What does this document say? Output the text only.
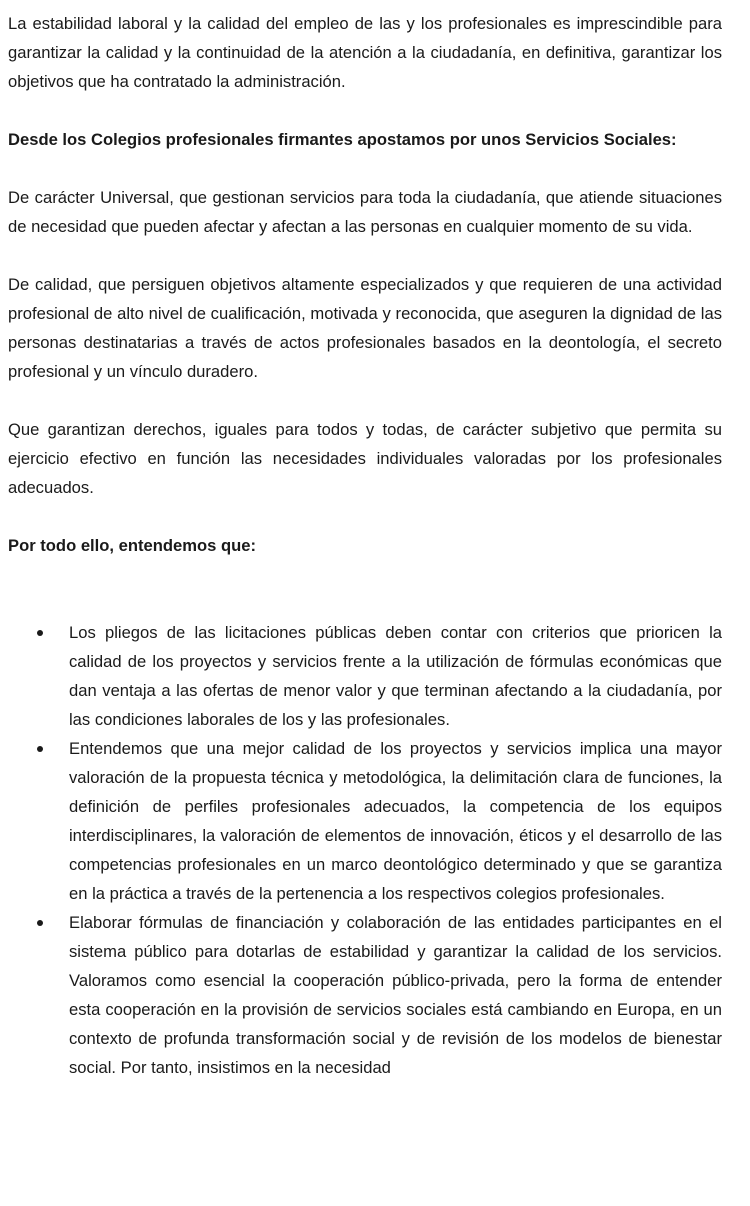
La estabilidad laboral y la calidad del empleo de las y los profesionales es imprescindible para garantizar la calidad y la continuidad de la atención a la ciudadanía, en definitiva, garantizar los objetivos que ha contratado la administración.

Desde los Colegios profesionales firmantes apostamos por unos Servicios Sociales:

De carácter Universal, que gestionan servicios para toda la ciudadanía, que atiende situaciones de necesidad que pueden afectar y afectan a las personas en cualquier momento de su vida.

De calidad, que persiguen objetivos altamente especializados y que requieren de una actividad profesional de alto nivel de cualificación, motivada y reconocida, que aseguren la dignidad de las personas destinatarias a través de actos profesionales basados en la deontología, el secreto profesional y un vínculo duradero.

Que garantizan derechos, iguales para todos y todas, de carácter subjetivo que permita su ejercicio efectivo en función las necesidades individuales valoradas por los profesionales adecuados.

Por todo ello, entendemos que:

Los pliegos de las licitaciones públicas deben contar con criterios que prioricen la calidad de los proyectos y servicios frente a la utilización de fórmulas económicas que dan ventaja a las ofertas de menor valor y que terminan afectando a la ciudadanía, por las condiciones laborales de los y las profesionales.
Entendemos que una mejor calidad de los proyectos y servicios implica una mayor valoración de la propuesta técnica y metodológica, la delimitación clara de funciones, la definición de perfiles profesionales adecuados, la competencia de los equipos interdisciplinares, la valoración de elementos de innovación, éticos y el desarrollo de las competencias profesionales en un marco deontológico determinado y que se garantiza en la práctica a través de la pertenencia a los respectivos colegios profesionales.
Elaborar fórmulas de financiación y colaboración de las entidades participantes en el sistema público para dotarlas de estabilidad y garantizar la calidad de los servicios. Valoramos como esencial la cooperación público-privada, pero la forma de entender esta cooperación en la provisión de servicios sociales está cambiando en Europa, en un contexto de profunda transformación social y de revisión de los modelos de bienestar social. Por tanto, insistimos en la necesidad
